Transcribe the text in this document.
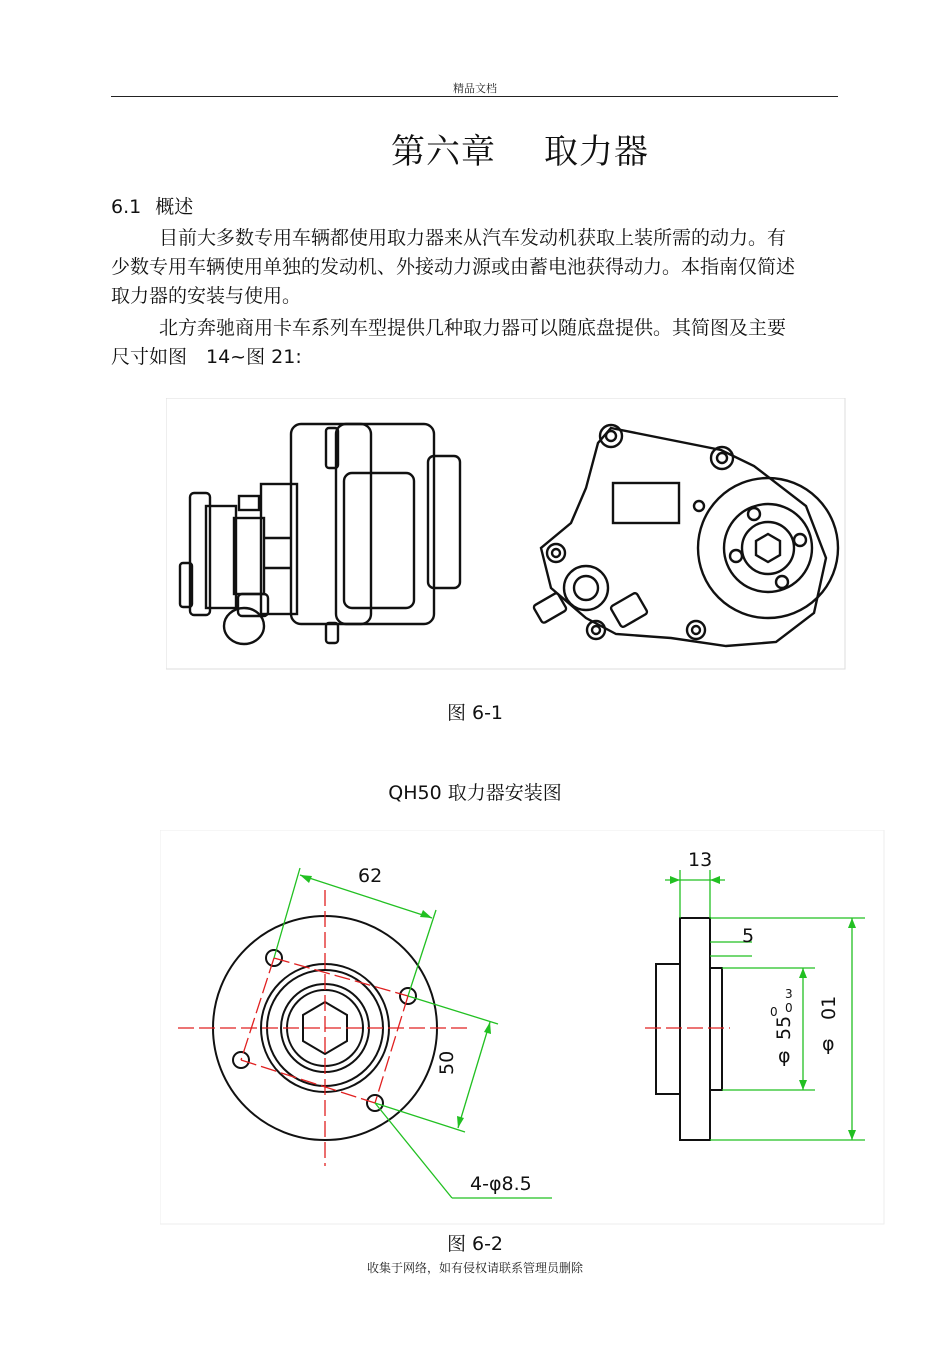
精品文档
第六章 取力器
6.1 概述

目前大多数专用车辆都使用取力器来从汽车发动机获取上装所需的动力。有少数专用车辆使用单独的发动机、外接动力源或由蓄电池获得动力。本指南仅简述取力器的安装与使用。

北方奔驰商用卡车系列车型提供几种取力器可以随底盘提供。其简图及主要尺寸如图　14~图 21:

图 6-1
QH50 取力器安装图
62
50
4-φ8.5
13
5
3
0
0
55
φ
01
φ
图 6-2
收集于网络，如有侵权请联系管理员删除
